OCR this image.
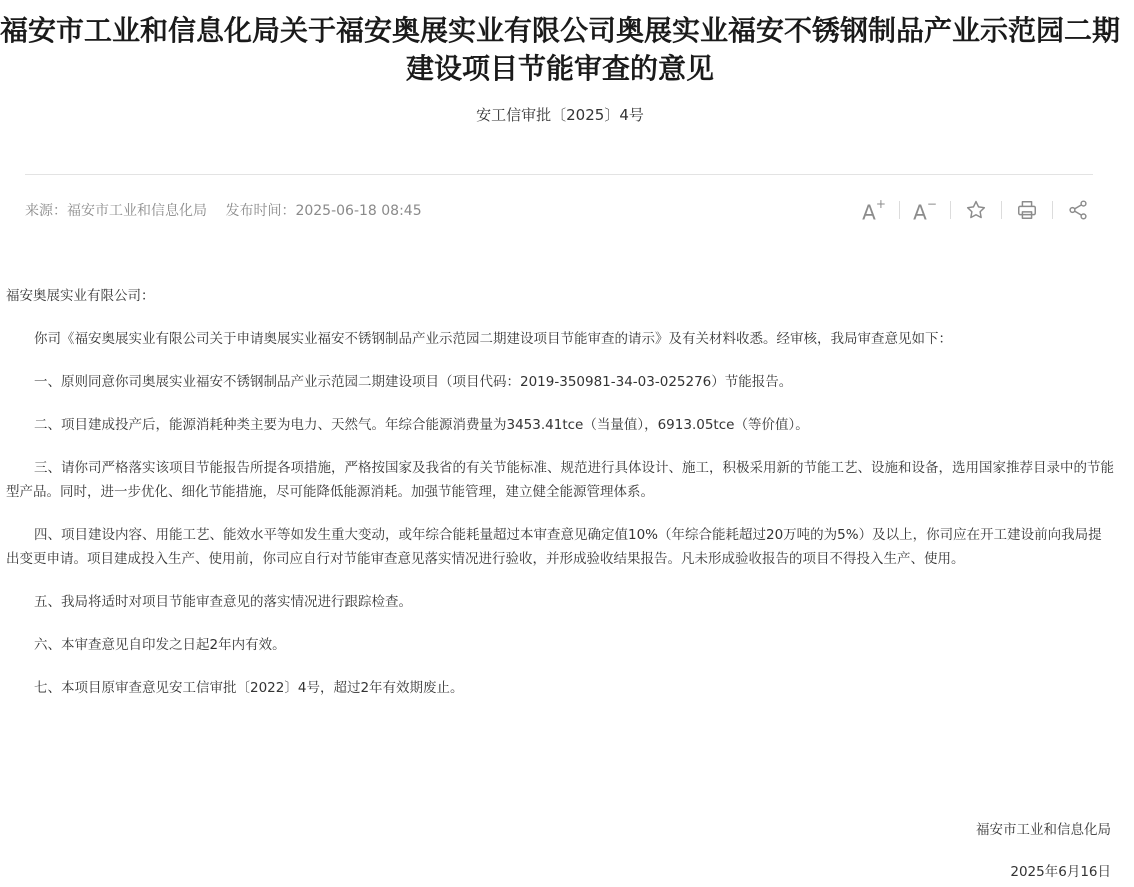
福安市工业和信息化局关于福安奥展实业有限公司奥展实业福安不锈钢制品产业示范园二期建设项目节能审查的意见
安工信审批〔2025〕4号
来源：福安市工业和信息化局 发布时间：2025-06-18 08:45	A+ A−

福安奥展实业有限公司：

你司《福安奥展实业有限公司关于申请奥展实业福安不锈钢制品产业示范园二期建设项目节能审查的请示》及有关材料收悉。经审核，我局审查意见如下：

一、原则同意你司奥展实业福安不锈钢制品产业示范园二期建设项目（项目代码：2019-350981-34-03-025276）节能报告。

二、项目建成投产后，能源消耗种类主要为电力、天然气。年综合能源消费量为3453.41tce（当量值），6913.05tce（等价值）。

三、请你司严格落实该项目节能报告所提各项措施，严格按国家及我省的有关节能标准、规范进行具体设计、施工，积极采用新的节能工艺、设施和设备，选用国家推荐目录中的节能型产品。同时，进一步优化、细化节能措施，尽可能降低能源消耗。加强节能管理，建立健全能源管理体系。

四、项目建设内容、用能工艺、能效水平等如发生重大变动，或年综合能耗量超过本审查意见确定值10%（年综合能耗超过20万吨的为5%）及以上，你司应在开工建设前向我局提出变更申请。项目建成投入生产、使用前，你司应自行对节能审查意见落实情况进行验收，并形成验收结果报告。凡未形成验收报告的项目不得投入生产、使用。

五、我局将适时对项目节能审查意见的落实情况进行跟踪检查。

六、本审查意见自印发之日起2年内有效。

七、本项目原审查意见安工信审批〔2022〕4号，超过2年有效期废止。

福安市工业和信息化局
2025年6月16日
